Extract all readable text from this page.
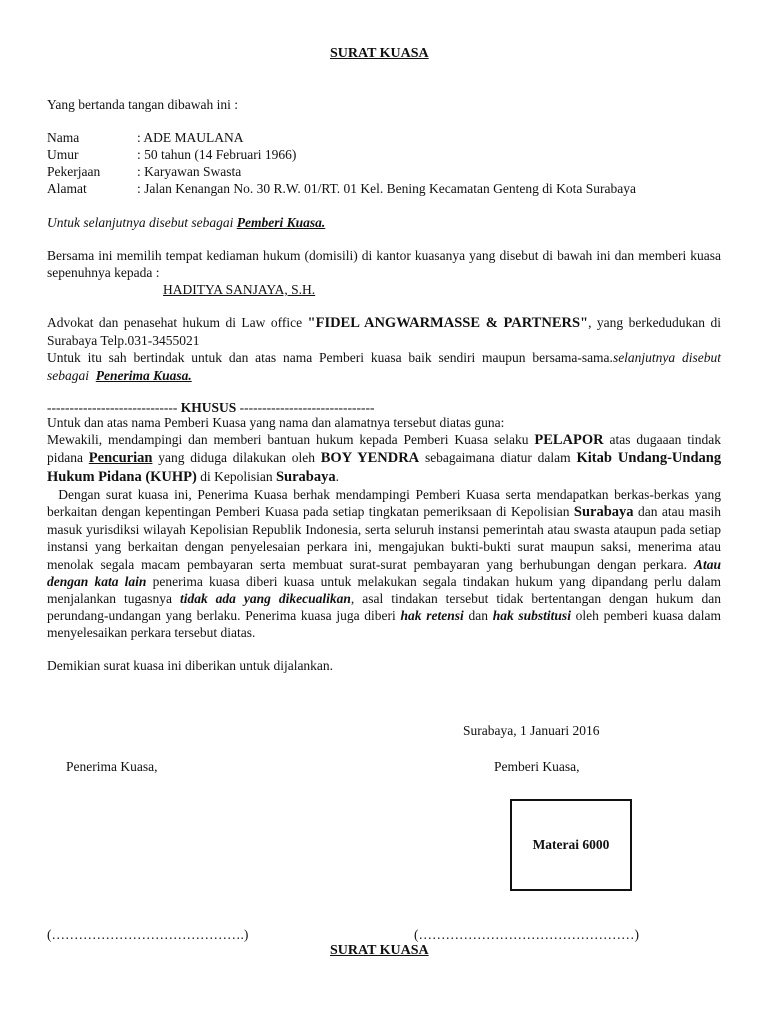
SURAT KUASA
Yang bertanda tangan dibawah ini :
Nama	: ADE MAULANA
Umur	: 50 tahun (14 Februari 1966)
Pekerjaan	: Karyawan Swasta
Alamat	: Jalan Kenangan No. 30 R.W. 01/RT. 01 Kel. Bening Kecamatan Genteng di Kota Surabaya
Untuk selanjutnya disebut sebagai Pemberi Kuasa.

Bersama ini memilih tempat kediaman hukum (domisili) di kantor kuasanya yang disebut di bawah ini dan memberi kuasa sepenuhnya kepada :

HADITYA SANJAYA, S.H.

Advokat dan penasehat hukum di Law office "FIDEL ANGWARMASSE & PARTNERS", yang berkedudukan di Surabaya Telp.031-3455021

Untuk itu sah bertindak untuk dan atas nama Pemberi kuasa baik sendiri maupun bersama-sama.selanjutnya disebut sebagai Penerima Kuasa.

----------------------------- KHUSUS ------------------------------

Untuk dan atas nama Pemberi Kuasa yang nama dan alamatnya tersebut diatas guna:

Mewakili, mendampingi dan memberi bantuan hukum kepada Pemberi Kuasa selaku PELAPOR atas dugaaan tindak pidana Pencurian yang diduga dilakukan oleh BOY YENDRA sebagaimana diatur dalam Kitab Undang-Undang Hukum Pidana (KUHP) di Kepolisian Surabaya.

Dengan surat kuasa ini, Penerima Kuasa berhak mendampingi Pemberi Kuasa serta mendapatkan berkas-berkas yang berkaitan dengan kepentingan Pemberi Kuasa pada setiap tingkatan pemeriksaan di Kepolisian Surabaya dan atau masih masuk yurisdiksi wilayah Kepolisian Republik Indonesia, serta seluruh instansi pemerintah atau swasta ataupun pada setiap instansi yang berkaitan dengan penyelesaian perkara ini, mengajukan bukti-bukti surat maupun saksi, menerima atau menolak segala macam pembayaran serta membuat surat-surat pembayaran yang berhubungan dengan perkara. Atau dengan kata lain penerima kuasa diberi kuasa untuk melakukan segala tindakan hukum yang dipandang perlu dalam menjalankan tugasnya tidak ada yang dikecualikan, asal tindakan tersebut tidak bertentangan dengan hukum dan perundang-undangan yang berlaku. Penerima kuasa juga diberi hak retensi dan hak substitusi oleh pemberi kuasa dalam menyelesaikan perkara tersebut diatas.

Demikian surat kuasa ini diberikan untuk dijalankan.
Surabaya, 1 Januari 2016
Penerima Kuasa,	Pemberi Kuasa,
Materai 6000
(…………………………………….)	(…………………………………………)
SURAT KUASA
